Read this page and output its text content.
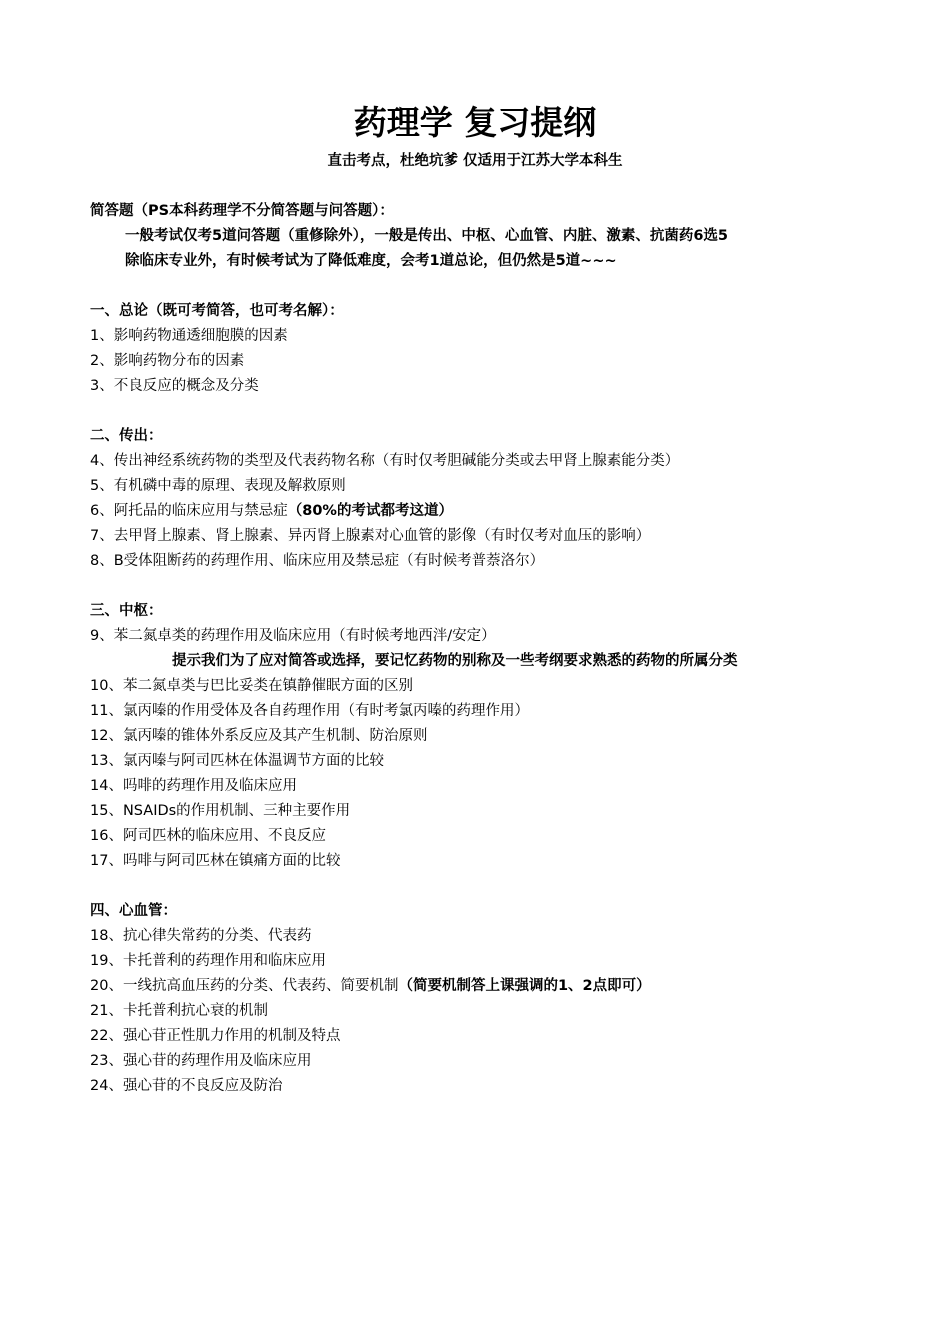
药理学 复习提纲
直击考点，杜绝坑爹 仅适用于江苏大学本科生
简答题（PS本科药理学不分简答题与问答题）：
一般考试仅考5道问答题（重修除外），一般是传出、中枢、心血管、内脏、激素、抗菌药6选5
除临床专业外，有时候考试为了降低难度，会考1道总论，但仍然是5道~~~
一、总论（既可考简答，也可考名解）：
1、影响药物通透细胞膜的因素
2、影响药物分布的因素
3、不良反应的概念及分类
二、传出：
4、传出神经系统药物的类型及代表药物名称（有时仅考胆碱能分类或去甲肾上腺素能分类）
5、有机磷中毒的原理、表现及解救原则
6、阿托品的临床应用与禁忌症（80%的考试都考这道）
7、去甲肾上腺素、肾上腺素、异丙肾上腺素对心血管的影像（有时仅考对血压的影响）
8、B受体阻断药的药理作用、临床应用及禁忌症（有时候考普萘洛尔）
三、中枢：
9、苯二氮卓类的药理作用及临床应用（有时候考地西泮/安定）
提示我们为了应对简答或选择，要记忆药物的别称及一些考纲要求熟悉的药物的所属分类
10、苯二氮卓类与巴比妥类在镇静催眠方面的区别
11、氯丙嗪的作用受体及各自药理作用（有时考氯丙嗪的药理作用）
12、氯丙嗪的锥体外系反应及其产生机制、防治原则
13、氯丙嗪与阿司匹林在体温调节方面的比较
14、吗啡的药理作用及临床应用
15、NSAIDs的作用机制、三种主要作用
16、阿司匹林的临床应用、不良反应
17、吗啡与阿司匹林在镇痛方面的比较
四、心血管：
18、抗心律失常药的分类、代表药
19、卡托普利的药理作用和临床应用
20、一线抗高血压药的分类、代表药、简要机制（简要机制答上课强调的1、2点即可）
21、卡托普利抗心衰的机制
22、强心苷正性肌力作用的机制及特点
23、强心苷的药理作用及临床应用
24、强心苷的不良反应及防治
